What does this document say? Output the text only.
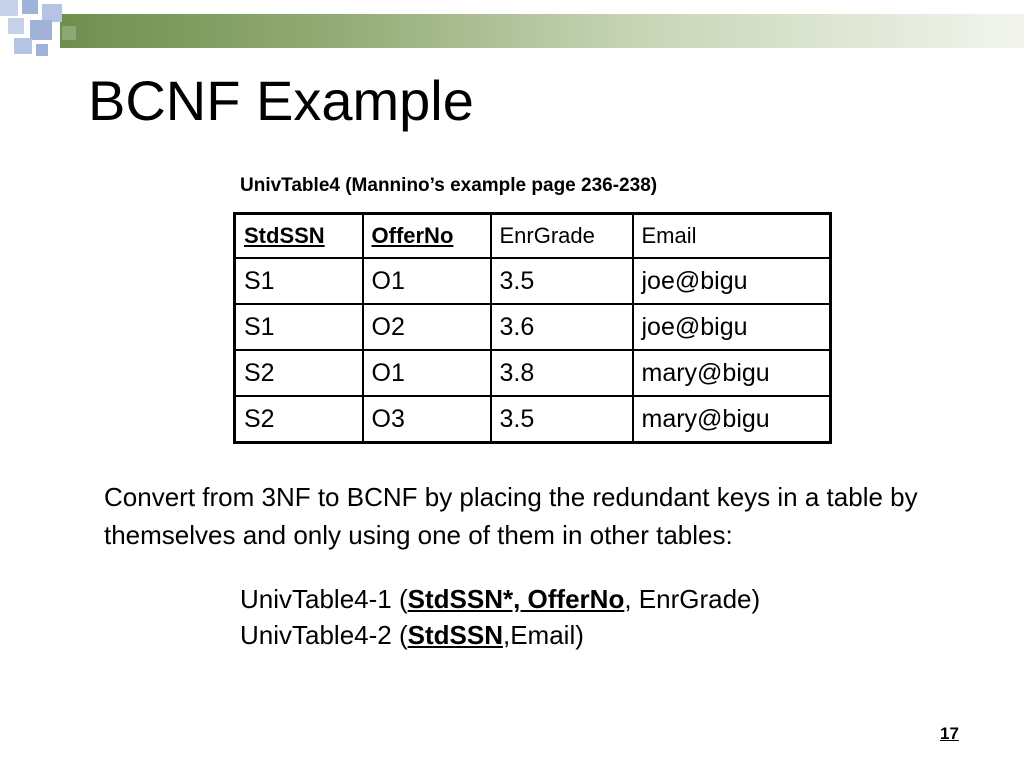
BCNF Example
UnivTable4 (Mannino’s example page 236-238)
StdSSN	OfferNo	EnrGrade	Email
S1	O1	3.5	joe@bigu
S1	O2	3.6	joe@bigu
S2	O1	3.8	mary@bigu
S2	O3	3.5	mary@bigu

Convert from 3NF to BCNF by placing the redundant keys in a table by themselves and only using one of them in other tables:

UnivTable4-1 (StdSSN*, OfferNo, EnrGrade)
UnivTable4-2 (StdSSN,Email)
17
